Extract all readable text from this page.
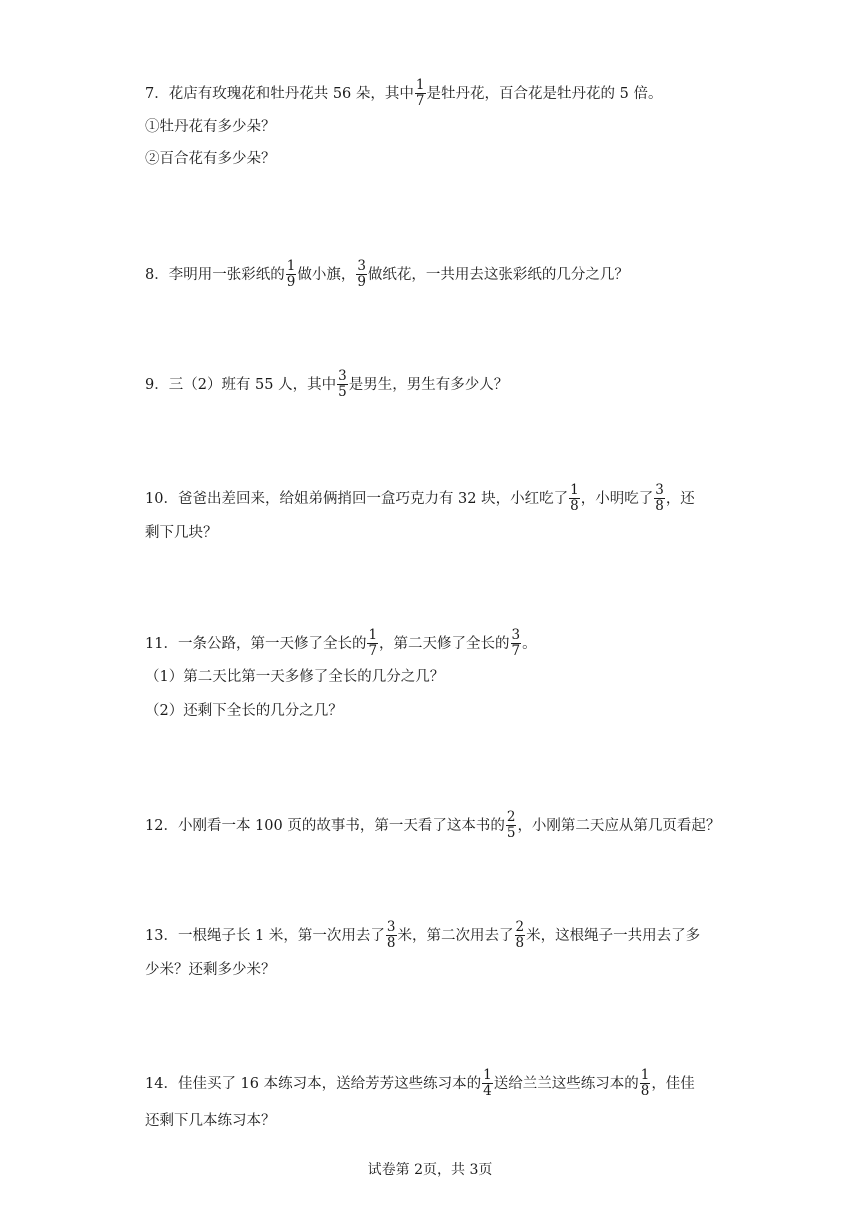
7．花店有玫瑰花和牡丹花共 56 朵，其中 $\frac{1}{7}$ 是牡丹花，百合花是牡丹花的 5 倍。
①牡丹花有多少朵？
②百合花有多少朵？
8．李明用一张彩纸的 $\frac{1}{9}$ 做小旗， $\frac{3}{9}$ 做纸花，一共用去这张彩纸的几分之几？
9．三（2）班有 55 人，其中 $\frac{3}{5}$ 是男生，男生有多少人？
10．爸爸出差回来，给姐弟俩捎回一盒巧克力有 32 块，小红吃了 $\frac{1}{8}$ ，小明吃了 $\frac{3}{8}$ ，还
剩下几块？
11．一条公路，第一天修了全长的 $\frac{1}{7}$ ，第二天修了全长的 $\frac{3}{7}$ 。
（1）第二天比第一天多修了全长的几分之几？
（2）还剩下全长的几分之几？
12．小刚看一本 100 页的故事书，第一天看了这本书的 $\frac{2}{5}$ ，小刚第二天应从第几页看起？
13．一根绳子长 1 米，第一次用去了 $\frac{3}{8}$ 米，第二次用去了 $\frac{2}{8}$ 米，这根绳子一共用去了多
少米？还剩多少米？
14．佳佳买了 16 本练习本，送给芳芳这些练习本的 $\frac{1}{4}$ 送给兰兰这些练习本的 $\frac{1}{8}$ ，佳佳
还剩下几本练习本？
试卷第 2页，共 3页
